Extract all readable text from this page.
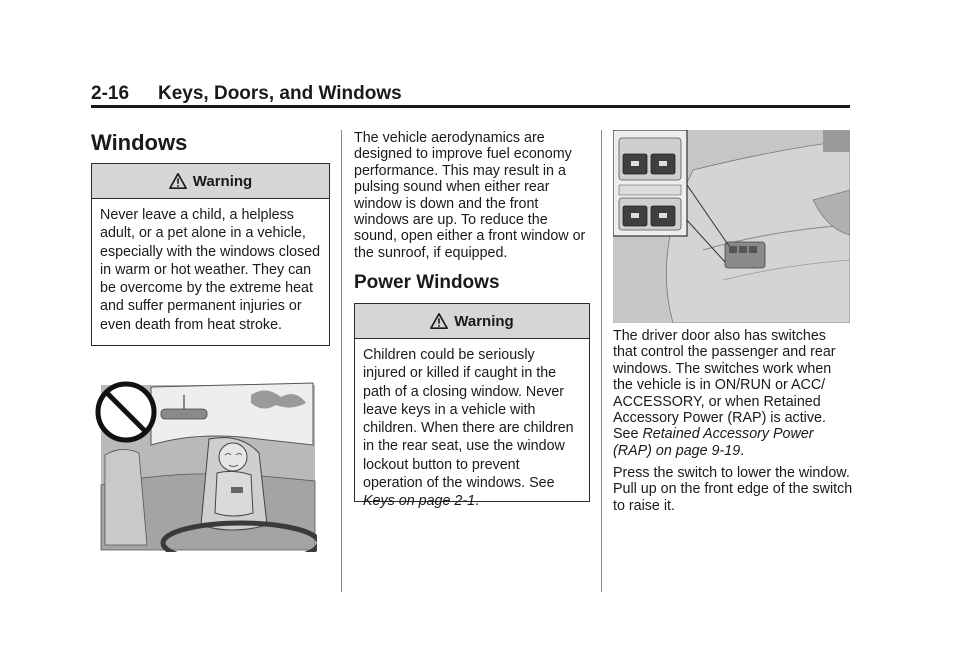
2-16 Keys, Doors, and Windows
Windows
Warning
Never leave a child, a helpless adult, or a pet alone in a vehicle, especially with the windows closed in warm or hot weather. They can be overcome by the extreme heat and suffer permanent injuries or even death from heat stroke.
The vehicle aerodynamics are designed to improve fuel economy performance. This may result in a pulsing sound when either rear window is down and the front windows are up. To reduce the sound, open either a front window or the sunroof, if equipped.
Power Windows
Warning
Children could be seriously injured or killed if caught in the path of a closing window. Never leave keys in a vehicle with children. When there are children in the rear seat, use the window lockout button to prevent operation of the windows. See
Keys on page 2-1.
The driver door also has switches that control the passenger and rear windows. The switches work when the vehicle is in ON/RUN or ACC/ ACCESSORY, or when Retained Accessory Power (RAP) is active. See Retained Accessory Power (RAP) on page 9-19.
Press the switch to lower the window. Pull up on the front edge of the switch to raise it.
